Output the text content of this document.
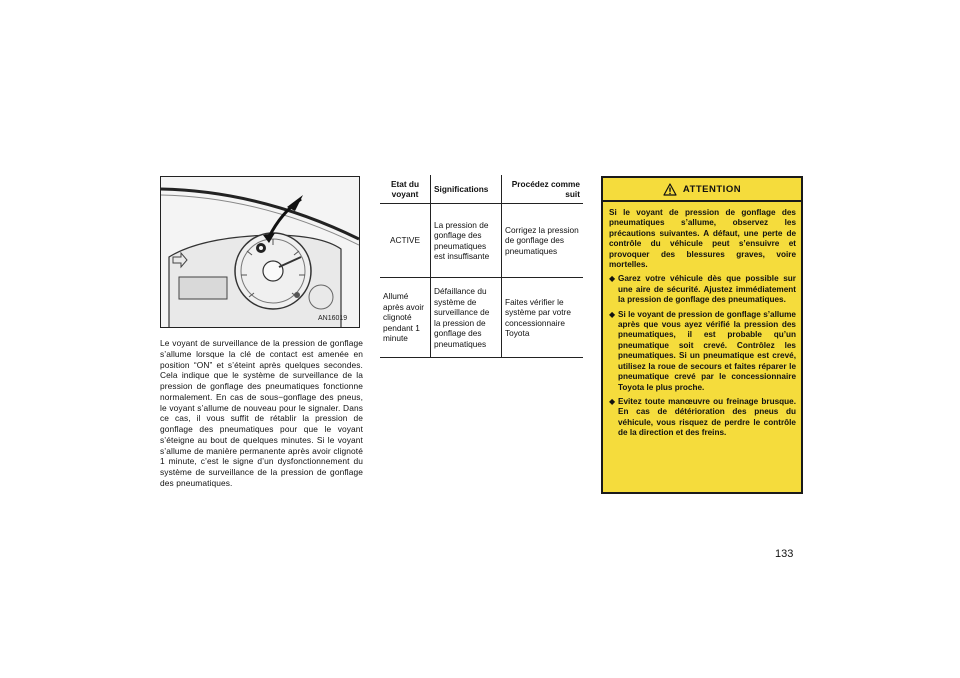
AN16019
Le voyant de surveillance de la pression de gonflage s’allume lorsque la clé de contact est amenée en position “ON” et s’éteint après quelques secondes. Cela indique que le système de surveillance de la pression de gonflage des pneumatiques fonctionne normalement. En cas de sous−gonflage des pneus, le voyant s’allume de nouveau pour le signaler. Dans ce cas, il vous suffit de rétablir la pression de gonflage des pneumatiques pour que le voyant s’éteigne au bout de quelques minutes. Si le voyant s’allume de manière permanente après avoir clignoté 1 minute, c’est le signe d’un dysfonctionnement du système de surveillance de la pression de gonflage des pneumatiques.
Etat du voyant	Significations	Procédez comme suit
ACTIVE	La pression de gonflage des pneumatiques est insuffisante	Corrigez la pression de gonflage des pneumatiques
Allumé après avoir clignoté pendant 1 minute	Défaillance du système de surveillance de la pression de gonflage des pneumatiques	Faites vérifier le système par votre concessionnaire Toyota
ATTENTION

Si le voyant de pression de gonflage des pneumatiques s’allume, observez les précautions suivantes. A défaut, une perte de contrôle du véhicule peut s’ensuivre et provoquer des blessures graves, voire mortelles.

◆ Garez votre véhicule dès que possible sur une aire de sécurité. Ajustez immédiatement la pression de gonflage des pneumatiques.
◆ Si le voyant de pression de gonflage s’allume après que vous ayez vérifié la pression des pneumatiques, il est probable qu’un pneumatique soit crevé. Contrôlez les pneumatiques. Si un pneumatique est crevé, utilisez la roue de secours et faites réparer le pneumatique crevé par le concessionnaire Toyota le plus proche.
◆ Evitez toute manœuvre ou freinage brusque. En cas de détérioration des pneus du véhicule, vous risquez de perdre le contrôle de la direction et des freins.
133
